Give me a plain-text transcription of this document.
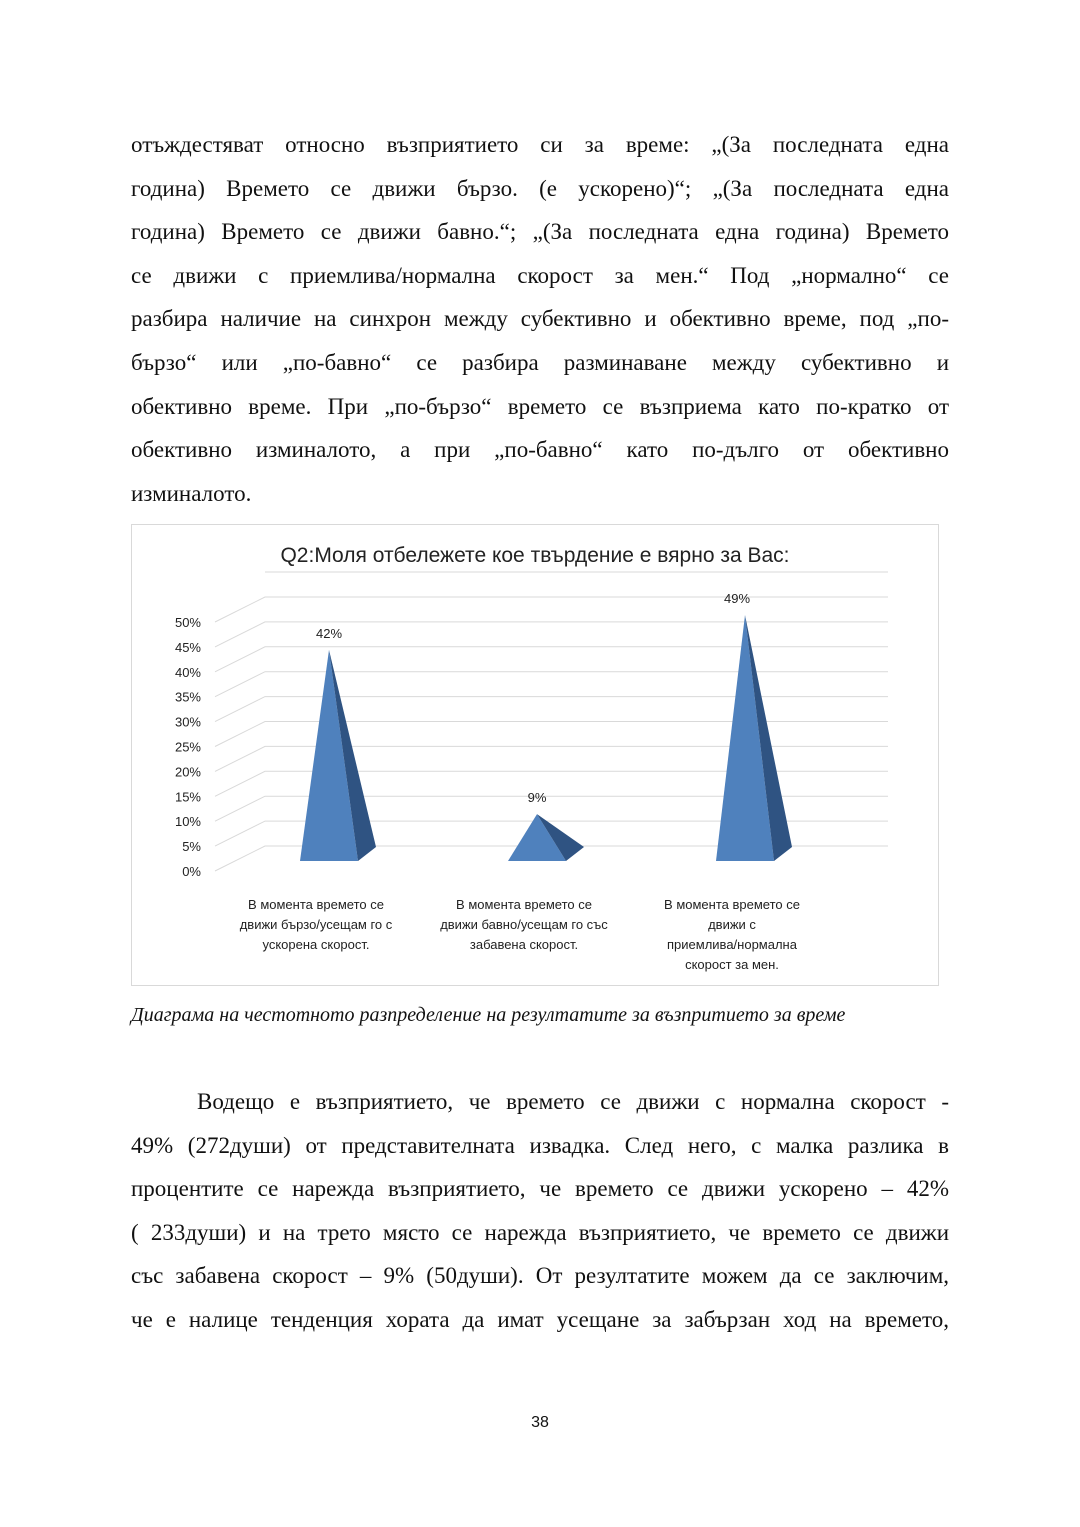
отъждестяват относно възприятието си за време: „(За последната една
година) Времето се движи бързо. (е ускорено)“; „(За последната една
година) Времето се движи бавно.“; „(За последната една година) Времето
се движи с приемлива/нормална скорост за мен.“ Под „нормално“ се
разбира наличие на синхрон между субективно и обективно време, под „по-
бързо“ или „по-бавно“ се разбира разминаване между субективно и
обективно време. При „по-бързо“ времето се възприема като по-кратко от
обективно изминалото, а при „по-бавно“ като по-дълго от обективно
изминалото.
Q2:Моля отбележете кое твърдение е вярно за Вас:
0%
5%
10%
15%
20%
25%
30%
35%
40%
45%
50%
42%
9%
49%
В момента времето се
движи бързо/усещам го с
ускорена скорост.
В момента времето се
движи бавно/усещам го със
забавена скорост.
В момента времето се
движи с
приемлива/нормална
скорост за мен.
Диаграма на честотното разпределение на резултатите за възпритието за време
Водещо е възприятието, че времето се движи с нормална скорост -
49% (272души) от представителната извадка. След него, с малка разлика в
процентите се нарежда възприятието, че времето се движи ускорено – 42%
( 233души) и на трето място се нарежда възприятието, че времето се движи
със забавена скорост – 9% (50души). От резултатите можем да се заключим,
че е налице тенденция хората да имат усещане за забързан ход на времето,
38
